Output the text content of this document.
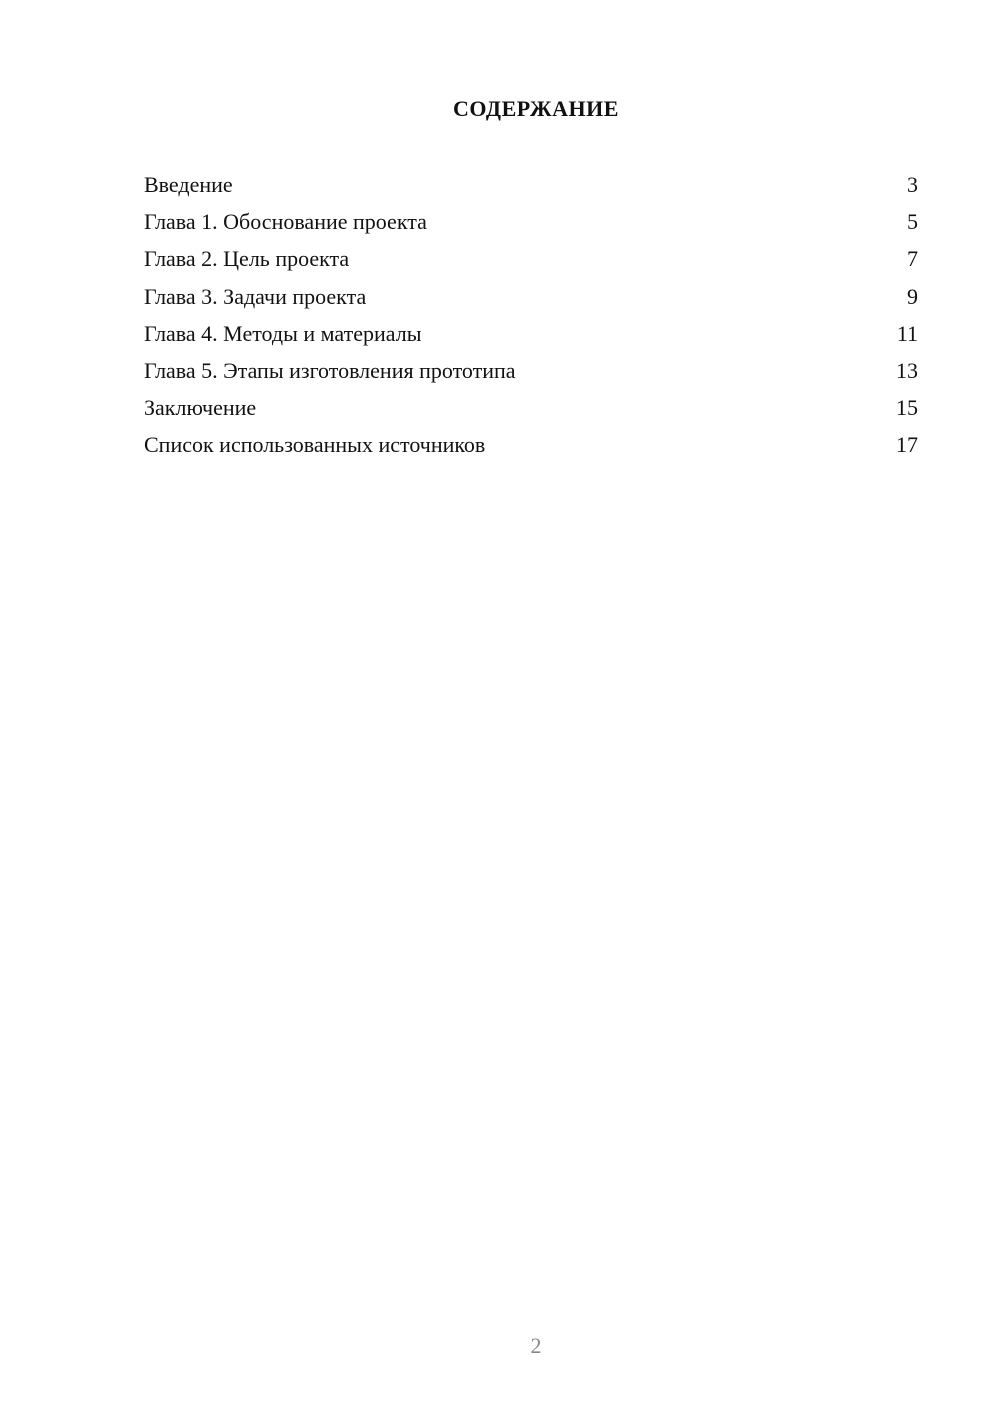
СОДЕРЖАНИЕ
Введение	3
Глава 1. Обоснование проекта	5
Глава 2. Цель проекта	7
Глава 3. Задачи проекта	9
Глава 4. Методы и материалы	11
Глава 5. Этапы изготовления прототипа	13
Заключение	15
Список использованных источников	17
2
